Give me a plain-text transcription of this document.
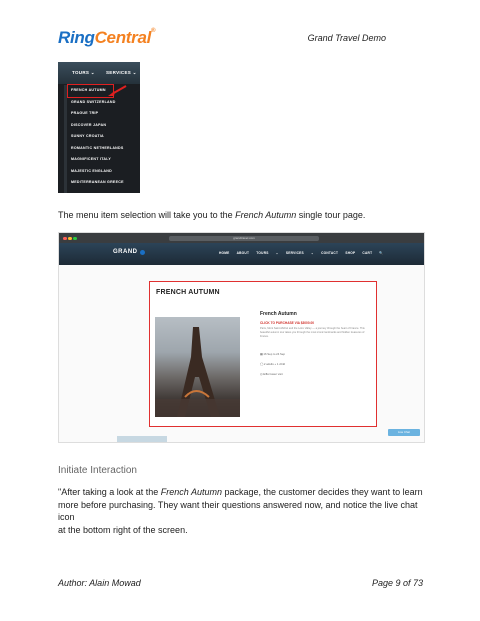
RingCentral®
Grand Travel Demo
TOURS ⌄ SERVICES ⌄
FRENCH AUTUMN
GRAND SWITZERLAND
PRAGUE TRIP
DISCOVER JAPAN
SUNNY CROATIA
ROMANTIC NETHERLANDS
MAGNIFICENT ITALY
MAJESTIC ENGLAND
MEDITERRANEAN GREECE
The menu item selection will take you to the French Autumn single tour page.
grandtravel.com
GRAND	HOME ABOUT TOURS ⌄ SERVICES ⌄ CONTACT SHOP CART 🔍
FRENCH AUTUMN
French Autumn
CLICK TO PURCHASE VIA $3000.00
Paris, Mont Saint-Michel and the Loire Valley — a journey through the heart of France. This beautiful autumn tour takes you through the most iconic landmarks and hidden treasures of France.
▦ 16 Sep to 24 Sep
◯ 2 adults + 1 child
◎ Eiffel tower visit
Live Chat
Initiate Interaction
"After taking a look at the French Autumn package, the customer decides they want to learn
more before purchasing. They want their questions answered now, and notice the live chat icon
at the bottom right of the screen.
Author: Alain Mowad	Page 9 of 73
